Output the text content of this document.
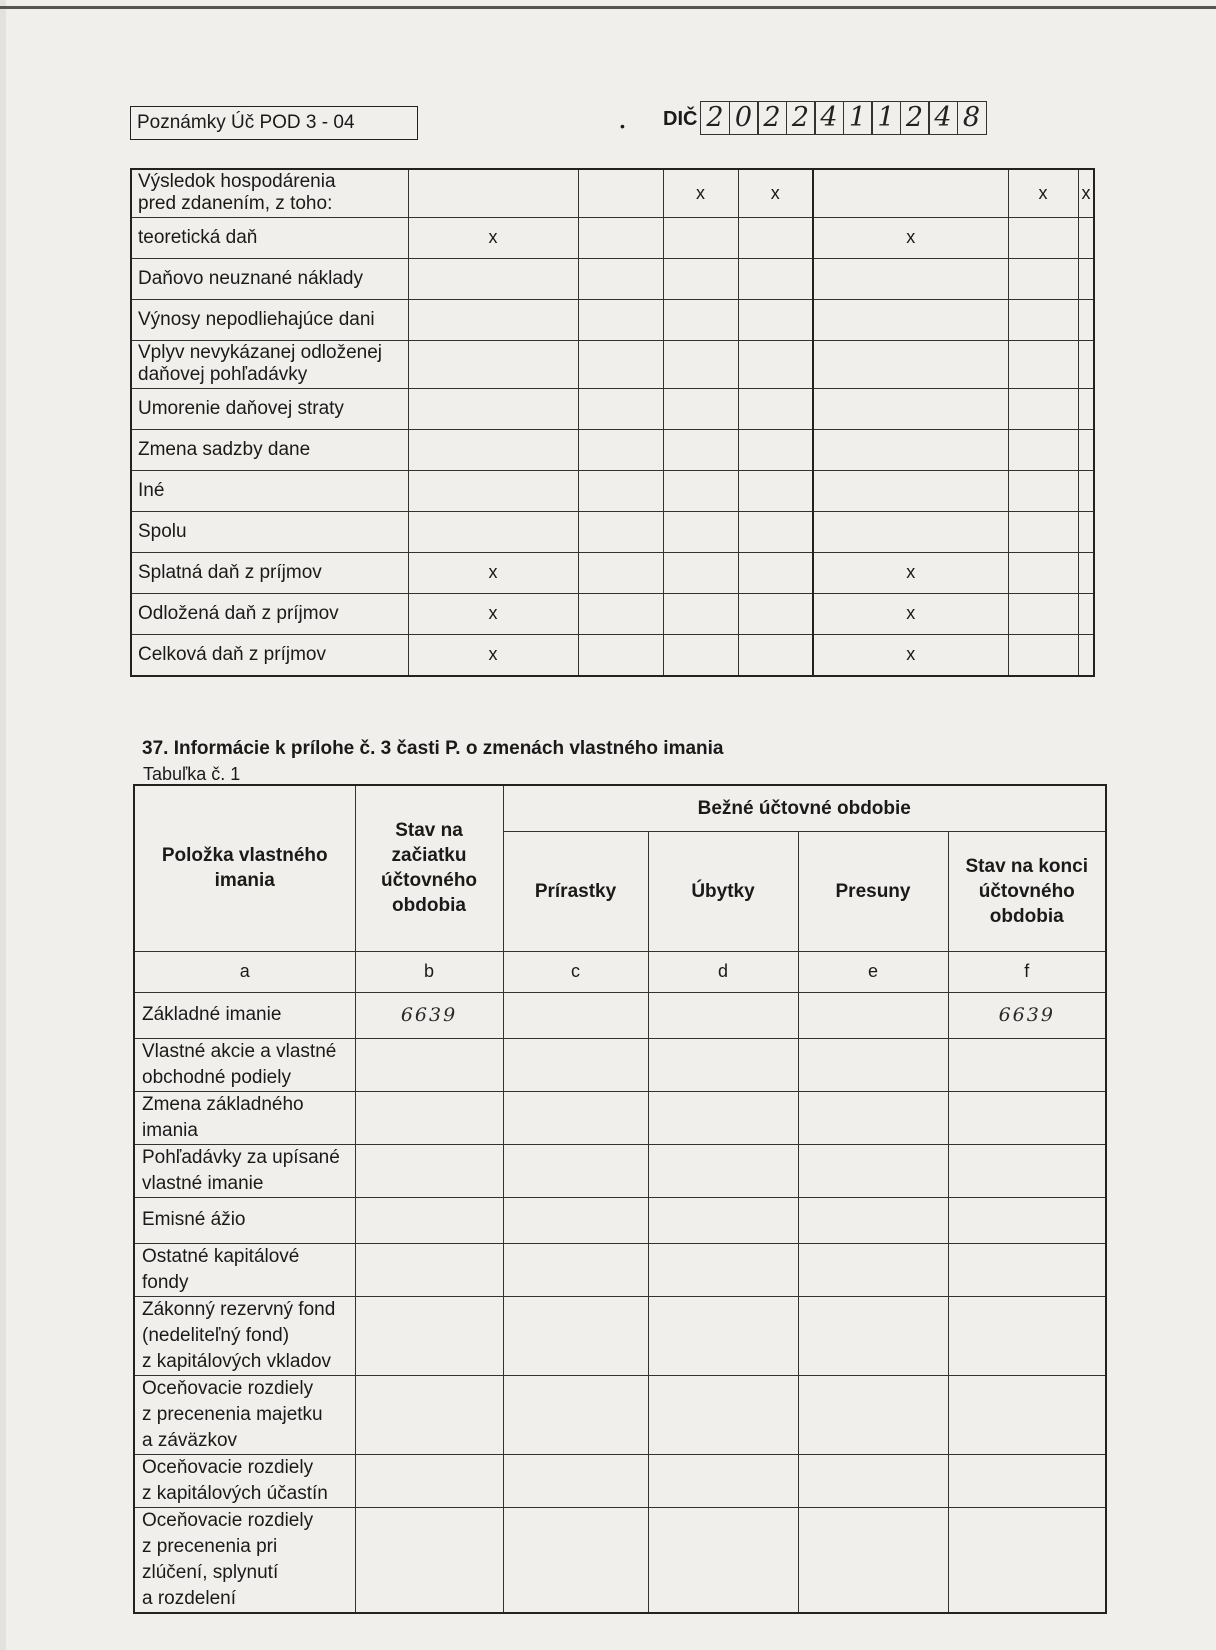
Poznámky Úč POD 3 - 04	• DIČ 2 0 2 2 4 1 1 2 4 8
Výsledok hospodárenia
pred zdanením, z toho:			x	x		x	x	

teoretická daň	x				x			

Daňovo neuznané náklady								

Výnosy nepodliehajúce dani								

Vplyv nevykázanej odloženej
daňovej pohľadávky								

Umorenie daňovej straty								

Zmena sadzby dane								

Iné								

Spolu								

Splatná daň z príjmov	x				x			

Odložená daň z príjmov	x				x			

Celková daň z príjmov	x				x			
37. Informácie k prílohe č. 3 časti P. o zmenách vlastného imania
Tabuľka č. 1
Položka vlastného imania	Stav na začiatku účtovného obdobia	Bežné účtovné obdobie			
		Prírastky	Úbytky	Presuny	Stav na konci účtovného obdobia
a	b	c	d	e	f

Základné imanie	6639				6639

Vlastné akcie a vlastné
obchodné podiely					

Zmena základného
imania					

Pohľadávky za upísané
vlastné imanie					

Emisné ážio					

Ostatné kapitálové
fondy					

Zákonný rezervný fond
(nedeliteľný fond)
z kapitálových vkladov					

Oceňovacie rozdiely
z precenenia majetku
a záväzkov					

Oceňovacie rozdiely
z kapitálových účastín					

Oceňovacie rozdiely
z precenenia pri
zlúčení, splynutí
a rozdelení					
